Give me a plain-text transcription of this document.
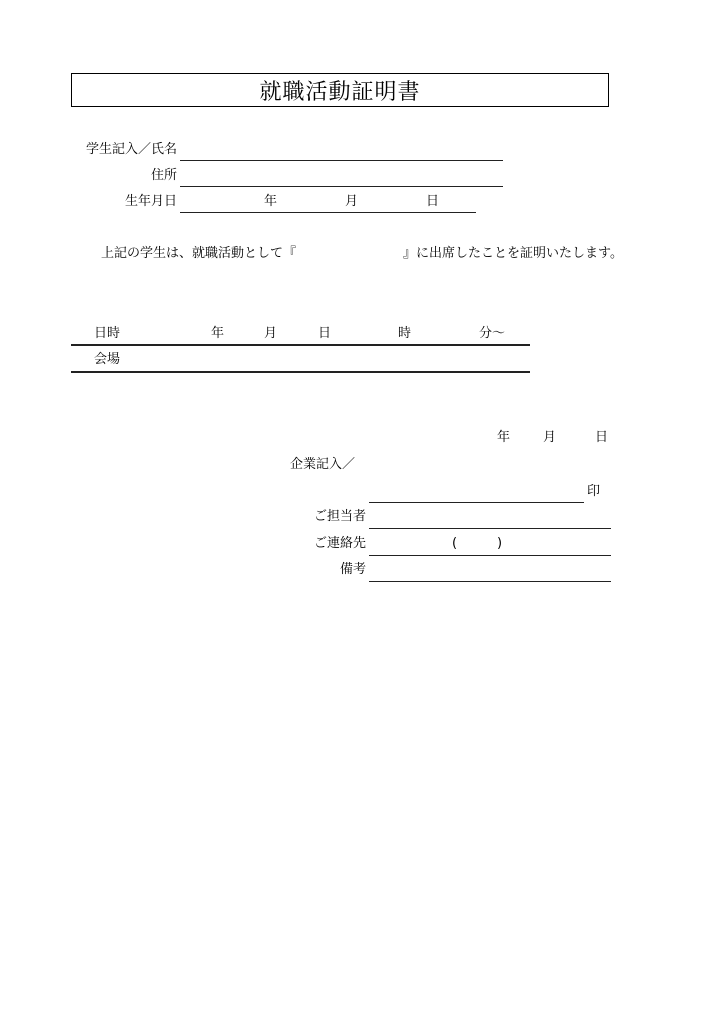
就職活動証明書
学生記入／氏名
住所
生年月日	年	月	日
上記の学生は、就職活動として『	』に出席したことを証明いたします。
日時	年	月	日	時	分～
会場
年	月	日
企業記入／
印
ご担当者
ご連絡先	(	)
備考
